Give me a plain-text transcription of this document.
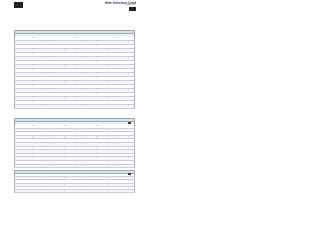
Wire Selection Chart
Copyright © 2012
•
•
•
•
•
•
•
•
•
•
•
•
•
•
•
•
•
•
•
•
•
•
•
•
•
•
•
•
•
•
•
•
•
•
•
•
•
•
•
•
•
•
•
•
•
•
•
•
•
•
•
•
•
•
•
•
•
•
•
•
•
•
•
•
•
•
•
•
•
•
•
•
•
•
•
•
•
•
•
•
•
•
•
•
•
•
•
•
•
•
•
•
•
•
•
•
•
•
•
•
•
